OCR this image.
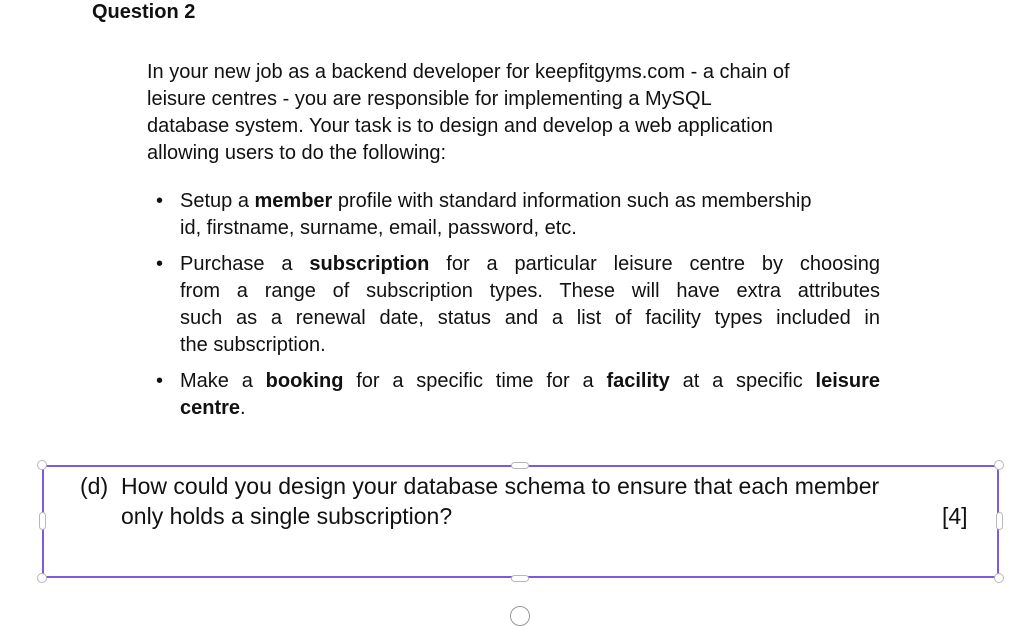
Question 2
In your new job as a backend developer for keepfitgyms.com - a chain of
leisure centres - you are responsible for implementing a MySQL
database system. Your task is to design and develop a web application
allowing users to do the following:
• Setup a member profile with standard information such as membership
id, firstname, surname, email, password, etc.
• Purchase a subscription for a particular leisure centre by choosing
from a range of subscription types. These will have extra attributes
such as a renewal date, status and a list of facility types included in
the subscription.
• Make a booking for a specific time for a facility at a specific leisure
centre.
(d) How could you design your database schema to ensure that each member
only holds a single subscription?	[4]
